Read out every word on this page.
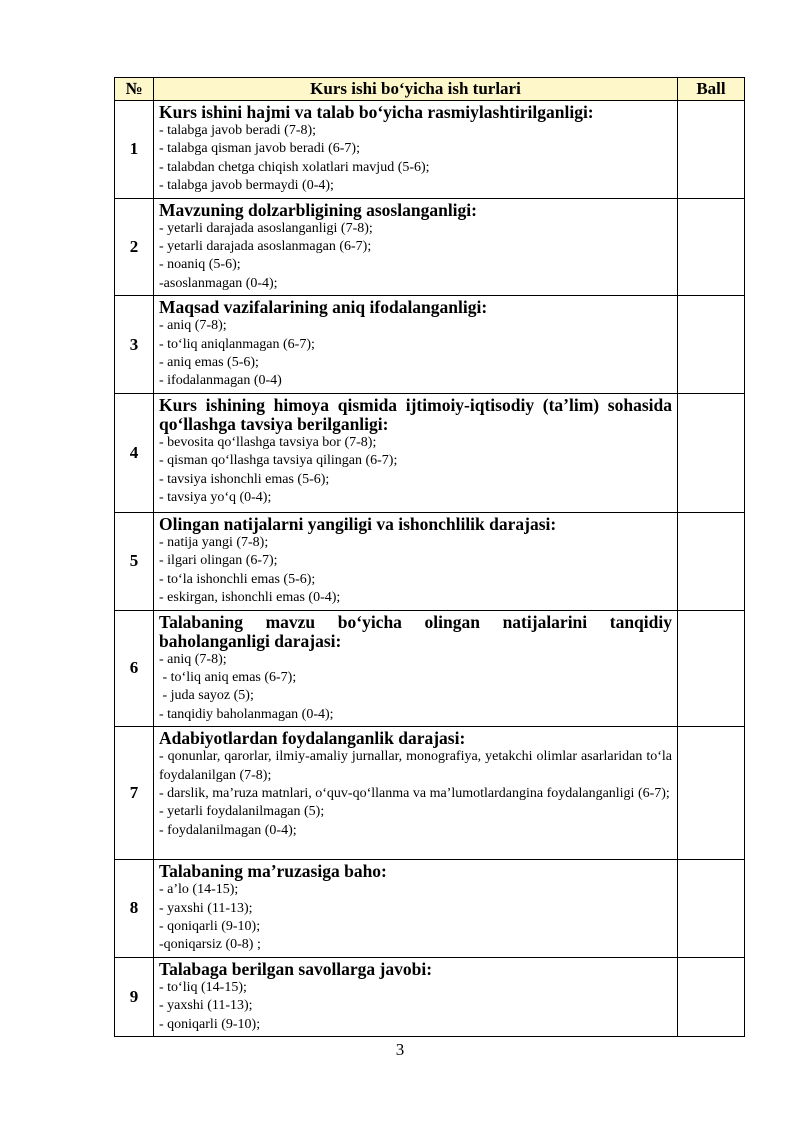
№	Kurs ishi bo‘yicha ish turlari	Ball
1	Kurs ishini hajmi va talab bo‘yicha rasmiylashtirilganligi:
- talabga javob beradi (7-8);
- talabga qisman javob beradi (6-7);
- talabdan chetga chiqish xolatlari mavjud (5-6);
- talabga javob bermaydi (0-4);	

2	Mavzuning dolzarbligining asoslanganligi:
- yetarli darajada asoslanganligi (7-8);
- yetarli darajada asoslanmagan (6-7);
- noaniq (5-6);
-asoslanmagan (0-4);	

3	Maqsad vazifalarining aniq ifodalanganligi:
- aniq (7-8);
- to‘liq aniqlanmagan (6-7);
- aniq emas (5-6);
- ifodalanmagan (0-4)	

4	Kurs ishining himoya qismida ijtimoiy-iqtisodiy (ta’lim) sohasida qo‘llashga tavsiya berilganligi:
- bevosita qo‘llashga tavsiya bor (7-8);
- qisman qo‘llashga tavsiya qilingan (6-7);
- tavsiya ishonchli emas (5-6);
- tavsiya yo‘q (0-4);	

5	Olingan natijalarni yangiligi va ishonchlilik darajasi:
- natija yangi (7-8);
- ilgari olingan (6-7);
- to‘la ishonchli emas (5-6);
- eskirgan, ishonchli emas (0-4);	

6	Talabaning mavzu bo‘yicha olingan natijalarini tanqidiy baholanganligi darajasi:
- aniq (7-8);
- to‘liq aniq emas (6-7);
- juda sayoz (5);
- tanqidiy baholanmagan (0-4);	

7	Adabiyotlardan foydalanganlik darajasi:
- qonunlar, qarorlar, ilmiy-amaliy jurnallar, monografiya, yetakchi olimlar asarlaridan to‘la foydalanilgan (7-8);
- darslik, ma’ruza matnlari, o‘quv-qo‘llanma va ma’lumotlardangina foydalanganligi (6-7);
- yetarli foydalanilmagan (5);
- foydalanilmagan (0-4);	

8	Talabaning ma’ruzasiga baho:
- a’lo (14-15);
- yaxshi (11-13);
- qoniqarli (9-10);
-qoniqarsiz (0-8) ;	

9	Talabaga berilgan savollarga javobi:
- to‘liq (14-15);
- yaxshi (11-13);
- qoniqarli (9-10);	

3
